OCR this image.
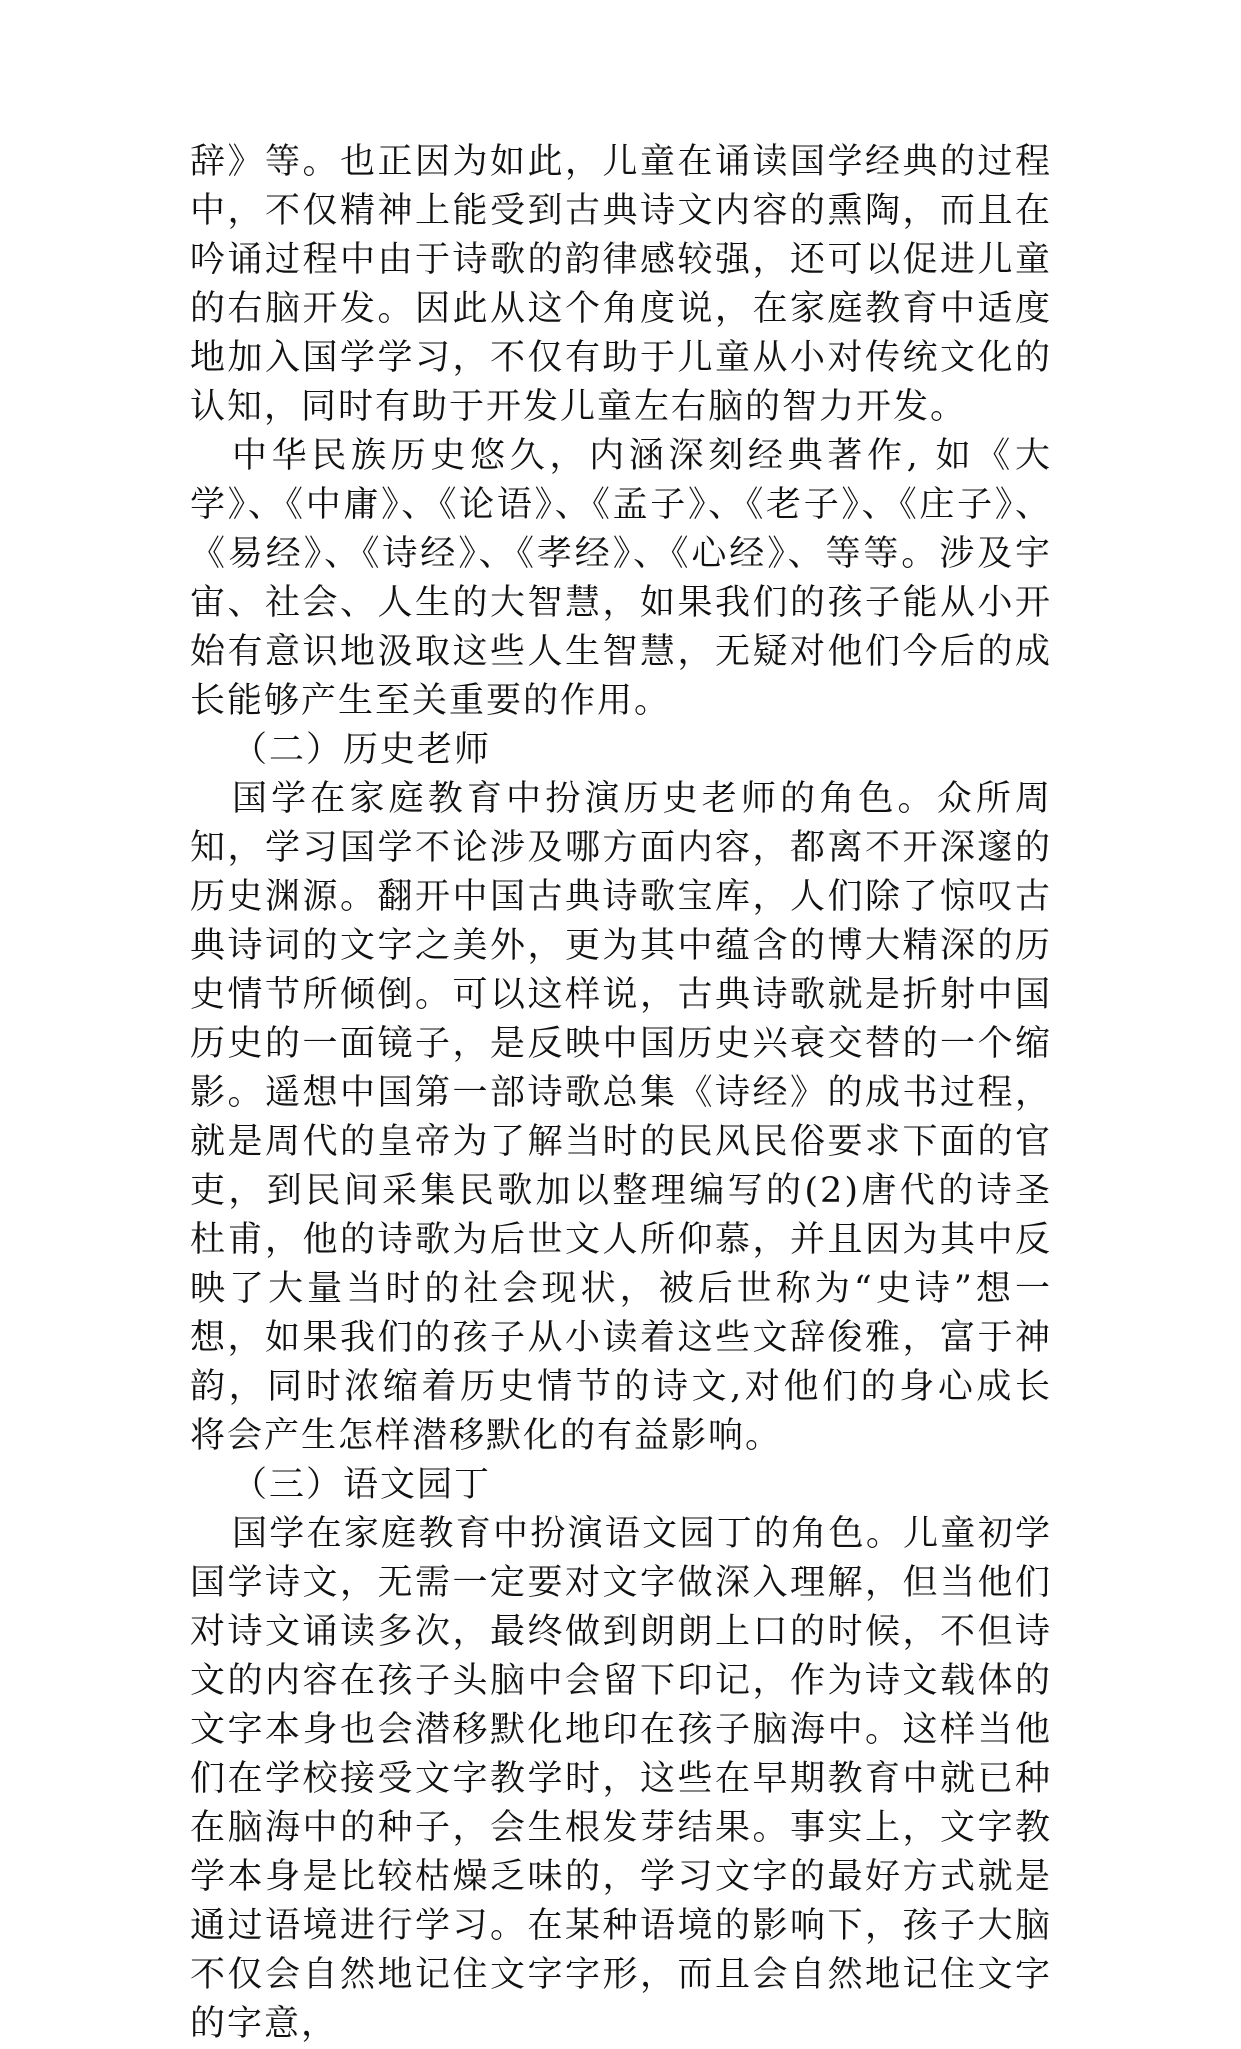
辞》等。也正因为如此，儿童在诵读国学经典的过程中，不仅精神上能受到古典诗文内容的熏陶，而且在吟诵过程中由于诗歌的韵律感较强，还可以促进儿童的右脑开发。因此从这个角度说，在家庭教育中适度地加入国学学习，不仅有助于儿童从小对传统文化的认知，同时有助于开发儿童左右脑的智力开发。

中华民族历史悠久，内涵深刻经典著作, 如《大学》、《中庸》、《论语》、《孟子》、《老子》、《庄子》、《易经》、《诗经》、《孝经》、《心经》、等等。涉及宇宙、社会、人生的大智慧，如果我们的孩子能从小开始有意识地汲取这些人生智慧，无疑对他们今后的成长能够产生至关重要的作用。

（二）历史老师

国学在家庭教育中扮演历史老师的角色。众所周知，学习国学不论涉及哪方面内容，都离不开深邃的历史渊源。翻开中国古典诗歌宝库，人们除了惊叹古典诗词的文字之美外，更为其中蕴含的博大精深的历史情节所倾倒。可以这样说，古典诗歌就是折射中国历史的一面镜子，是反映中国历史兴衰交替的一个缩影。遥想中国第一部诗歌总集《诗经》的成书过程，就是周代的皇帝为了解当时的民风民俗要求下面的官吏，到民间采集民歌加以整理编写的(2)唐代的诗圣杜甫，他的诗歌为后世文人所仰慕，并且因为其中反映了大量当时的社会现状，被后世称为“史诗”想一想，如果我们的孩子从小读着这些文辞俊雅，富于神韵，同时浓缩着历史情节的诗文,对他们的身心成长将会产生怎样潜移默化的有益影响。

（三）语文园丁

国学在家庭教育中扮演语文园丁的角色。儿童初学国学诗文，无需一定要对文字做深入理解，但当他们对诗文诵读多次，最终做到朗朗上口的时候，不但诗文的内容在孩子头脑中会留下印记，作为诗文载体的文字本身也会潜移默化地印在孩子脑海中。这样当他们在学校接受文字教学时，这些在早期教育中就已种在脑海中的种子，会生根发芽结果。事实上，文字教学本身是比较枯燥乏味的，学习文字的最好方式就是通过语境进行学习。在某种语境的影响下，孩子大脑不仅会自然地记住文字字形，而且会自然地记住文字的字意，
